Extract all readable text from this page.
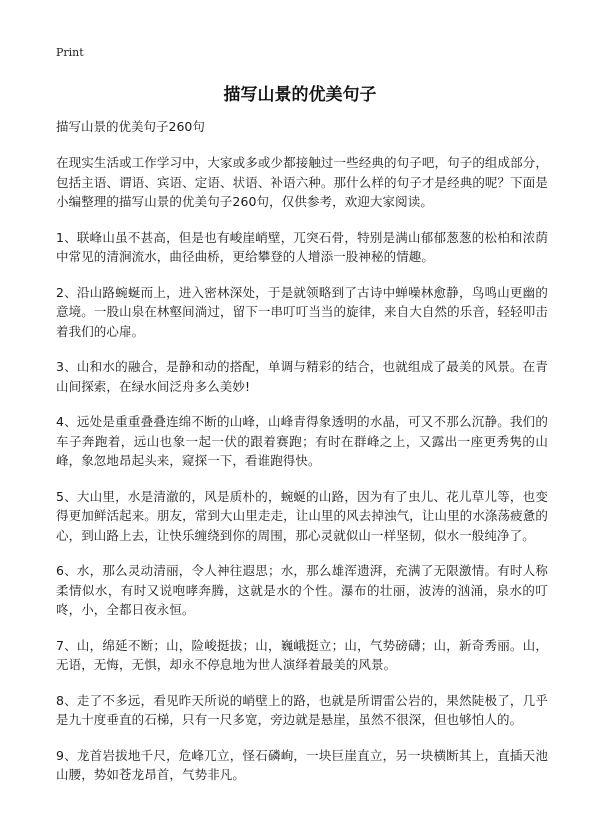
Print
描写山景的优美句子

描写山景的优美句子260句

在现实生活或工作学习中，大家或多或少都接触过一些经典的句子吧，句子的组成部分，包括主语、谓语、宾语、定语、状语、补语六种。那什么样的句子才是经典的呢？下面是小编整理的描写山景的优美句子260句，仅供参考，欢迎大家阅读。

1、联峰山虽不甚高，但是也有峻崖峭壁，兀突石骨，特别是满山郁郁葱葱的松柏和浓荫中常见的清涧流水，曲径曲桥，更给攀登的人增添一股神秘的情趣。

2、沿山路蜿蜒而上，进入密林深处，于是就领略到了古诗中蝉噪林愈静，鸟鸣山更幽的意境。一股山泉在林壑间淌过，留下一串叮叮当当的旋律，来自大自然的乐音，轻轻叩击着我们的心扉。

3、山和水的融合，是静和动的搭配，单调与精彩的结合，也就组成了最美的风景。在青山间探索，在绿水间泛舟多么美妙!

4、远处是重重叠叠连绵不断的山峰，山峰青得象透明的水晶，可又不那么沉静。我们的车子奔跑着，远山也象一起一伏的跟着赛跑；有时在群峰之上，又露出一座更秀隽的山峰，象忽地昂起头来，窥探一下，看谁跑得快。

5、大山里，水是清澈的，风是质朴的，蜿蜒的山路，因为有了虫儿、花儿草儿等，也变得更加鲜活起来。朋友，常到大山里走走，让山里的风去掉浊气，让山里的水涤荡疲惫的心，到山路上去，让快乐缠绕到你的周围，那心灵就似山一样坚韧，似水一般纯净了。

6、水，那么灵动清丽，令人神往遐思；水，那么雄浑遗湃，充满了无限激情。有时人称柔情似水，有时又说咆哮奔腾，这就是水的个性。瀑布的壮丽，波涛的汹涌，泉水的叮咚，小，全都日夜永恒。

7、山，绵延不断；山，险峻挺拔；山，巍峨挺立；山，气势磅礴；山，新奇秀丽。山，无语，无悔，无惧，却永不停息地为世人演绎着最美的风景。

8、走了不多远，看见昨天所说的峭壁上的路，也就是所谓雷公岩的，果然陡极了，几乎是九十度垂直的石梯，只有一尺多宽，旁边就是悬崖，虽然不很深，但也够怕人的。

9、龙首岩拔地千尺，危峰兀立，怪石磷峋，一块巨崖直立，另一块横断其上，直插天池山腰，势如苍龙昂首，气势非凡。
